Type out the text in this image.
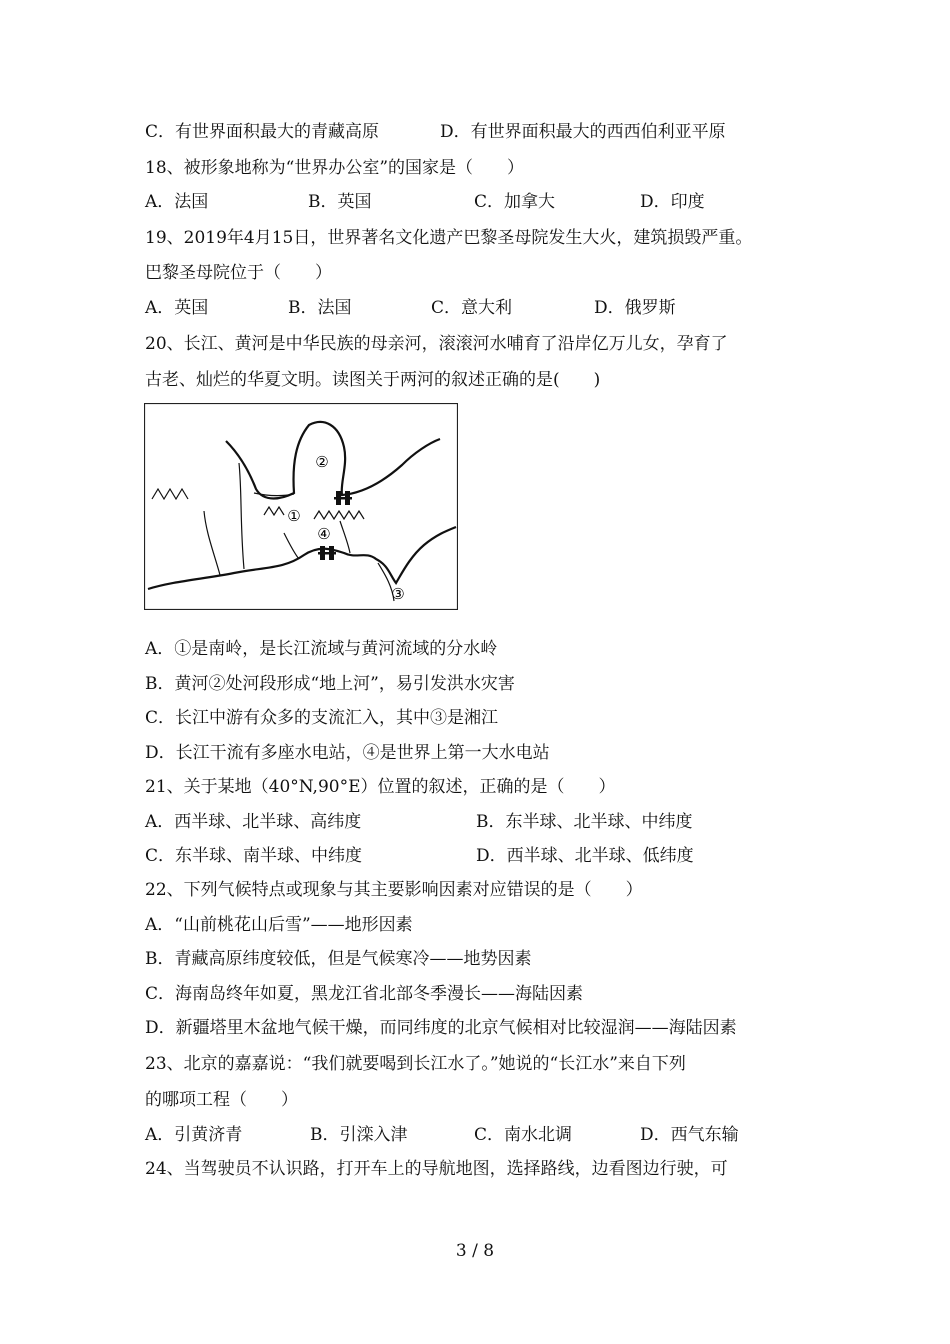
C．有世界面积最大的青藏高原	D．有世界面积最大的西西伯利亚平原
18、被形象地称为“世界办公室”的国家是（　　）
A．法国	B．英国	C．加拿大	D．印度
19、2019年4月15日，世界著名文化遗产巴黎圣母院发生大火，建筑损毁严重。
巴黎圣母院位于（　　）
A．英国	B．法国	C．意大利	D．俄罗斯
20、长江、黄河是中华民族的母亲河，滚滚河水哺育了沿岸亿万儿女，孕育了
古老、灿烂的华夏文明。读图关于两河的叙述正确的是(　　)
②
①
④
③
A．①是南岭，是长江流域与黄河流域的分水岭
B．黄河②处河段形成“地上河”，易引发洪水灾害
C．长江中游有众多的支流汇入，其中③是湘江
D．长江干流有多座水电站，④是世界上第一大水电站
21、关于某地（40°N,90°E）位置的叙述，正确的是（　　）
A．西半球、北半球、高纬度	B．东半球、北半球、中纬度
C．东半球、南半球、中纬度	D．西半球、北半球、低纬度
22、下列气候特点或现象与其主要影响因素对应错误的是（　　）
A．“山前桃花山后雪”——地形因素
B．青藏高原纬度较低，但是气候寒冷——地势因素
C．海南岛终年如夏，黑龙江省北部冬季漫长——海陆因素
D．新疆塔里木盆地气候干燥，而同纬度的北京气候相对比较湿润——海陆因素
23、北京的嘉嘉说：“我们就要喝到长江水了。”她说的“长江水”来自下列
的哪项工程（　　）
A．引黄济青	B．引滦入津	C．南水北调	D．西气东输
24、当驾驶员不认识路，打开车上的导航地图，选择路线，边看图边行驶，可
3 / 8
